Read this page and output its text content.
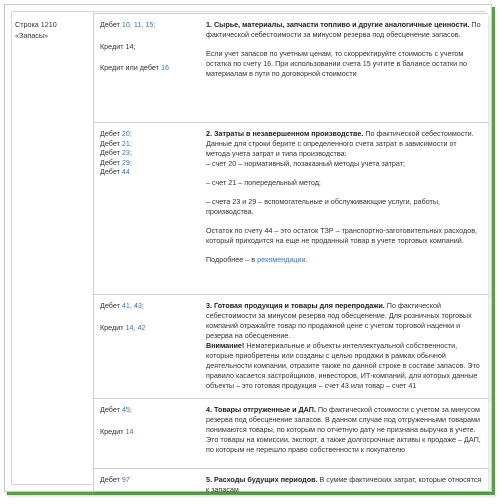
Строка 1210
«Запасы»
Дебет 10, 11, 15;
Кредит 14;
Кредит или дебет 16

1. Сырье, материалы, запчасти топливо и другие аналогичные ценности. По фактической себестоимости за минусом резерва под обесценение запасов.

Если учет запасов по учетным ценам, то скорректируйте стоимость с учетом остатка по счету 16. При использовании счета 15 учтите в балансе остатки по материалам в пути по договорной стоимости

Дебет 20;
Дебет 21;
Дебет 23;
Дебет 29;
Дебет 44

2. Затраты в незавершенном производстве. По фактической себестоимости. Данные для строки берите с определенного счета затрат в зависимости от метода учета затрат и типа производства:

– счет 20 – нормативный, позаказный методы учета затрат;

– счет 21 – попередельный метод;

– счета 23 и 29 – вспомогательные и обслуживающие услуги, работы, производства.

Остаток по счету 44 – это остаток ТЗР – транспортно-заготовительных расходов, который приходится на еще не проданный товар в учете торговых компаний.

Подробнее – в рекомендации.

Дебет 41, 43;
Кредит 14, 42

3. Готовая продукция и товары для перепродажи. По фактической себестоимости за минусом резерва под обесценение. Для розничных торговых компаний отражайте товар по продажной цене с учетом торговой наценки и резерва на обесценение.

Внимание! Нематериальные и объекты интеллектуальной собственности, которые приобретены или созданы с целью продажи в рамках обычной деятельности компании, отразите также по данной строке в составе запасов. Это правило касается застройщиков, инвесторов, ИТ-компаний, для которых данные объекты – это готовая продукция – счет 43 или товар – счет 41

Дебет 45;
Кредит 14

4. Товары отгруженные и ДАП. По фактической стоимости с учетом за минусом резерва под обесценение запасов. В данном случае под отгруженными товарами понимаются товары, по которым по отчетную дату не признана выручка в учете. Это товары на комиссии, экспорт, а также долгосрочные активы к продаже – ДАП, по которым не перешло право собственности к покупателю

Дебет 97	5. Расходы будущих периодов. В сумме фактических затрат, которые относятся к запасам
